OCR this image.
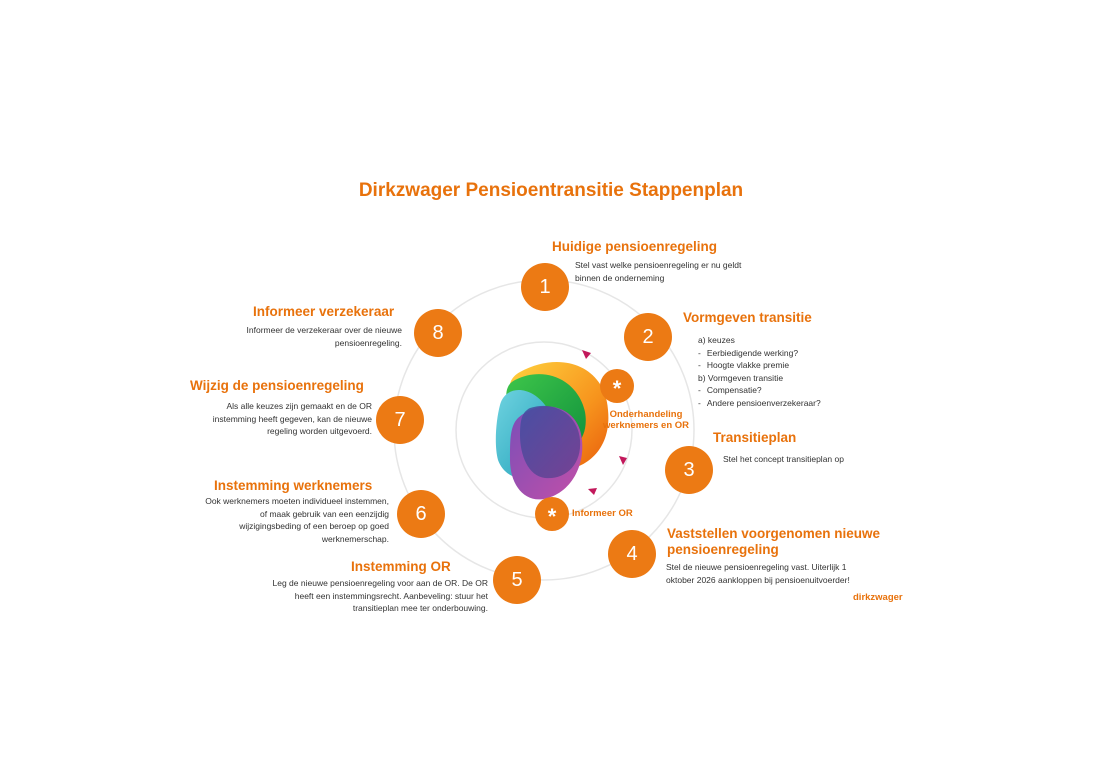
Dirkzwager Pensioentransitie Stappenplan
1
2
3
4
5
6
7
8
*
Onderhandeling werknemers en OR
*	Informeer OR
Huidige pensioenregeling
Stel vast welke pensioenregeling er nu geldt binnen de onderneming
Vormgeven transitie
a) keuzes
- Eerbiedigende werking?
- Hoogte vlakke premie
b) Vormgeven transitie
- Compensatie?
- Andere pensioenverzekeraar?
Transitieplan
Stel het concept transitieplan op
Vaststellen voorgenomen nieuwe pensioenregeling
Stel de nieuwe pensioenregeling vast. Uiterlijk 1 oktober 2026 aankloppen bij pensioenuitvoerder!
Instemming OR
Leg de nieuwe pensioenregeling voor aan de OR. De OR heeft een instemmingsrecht. Aanbeveling: stuur het transitieplan mee ter onderbouwing.
Instemming werknemers
Ook werknemers moeten individueel instemmen, of maak gebruik van een eenzijdig wijzigingsbeding of een beroep op goed werknemerschap.
Wijzig de pensioenregeling
Als alle keuzes zijn gemaakt en de OR instemming heeft gegeven, kan de nieuwe regeling worden uitgevoerd.
Informeer verzekeraar
Informeer de verzekeraar over de nieuwe pensioenregeling.
dirkzwager
